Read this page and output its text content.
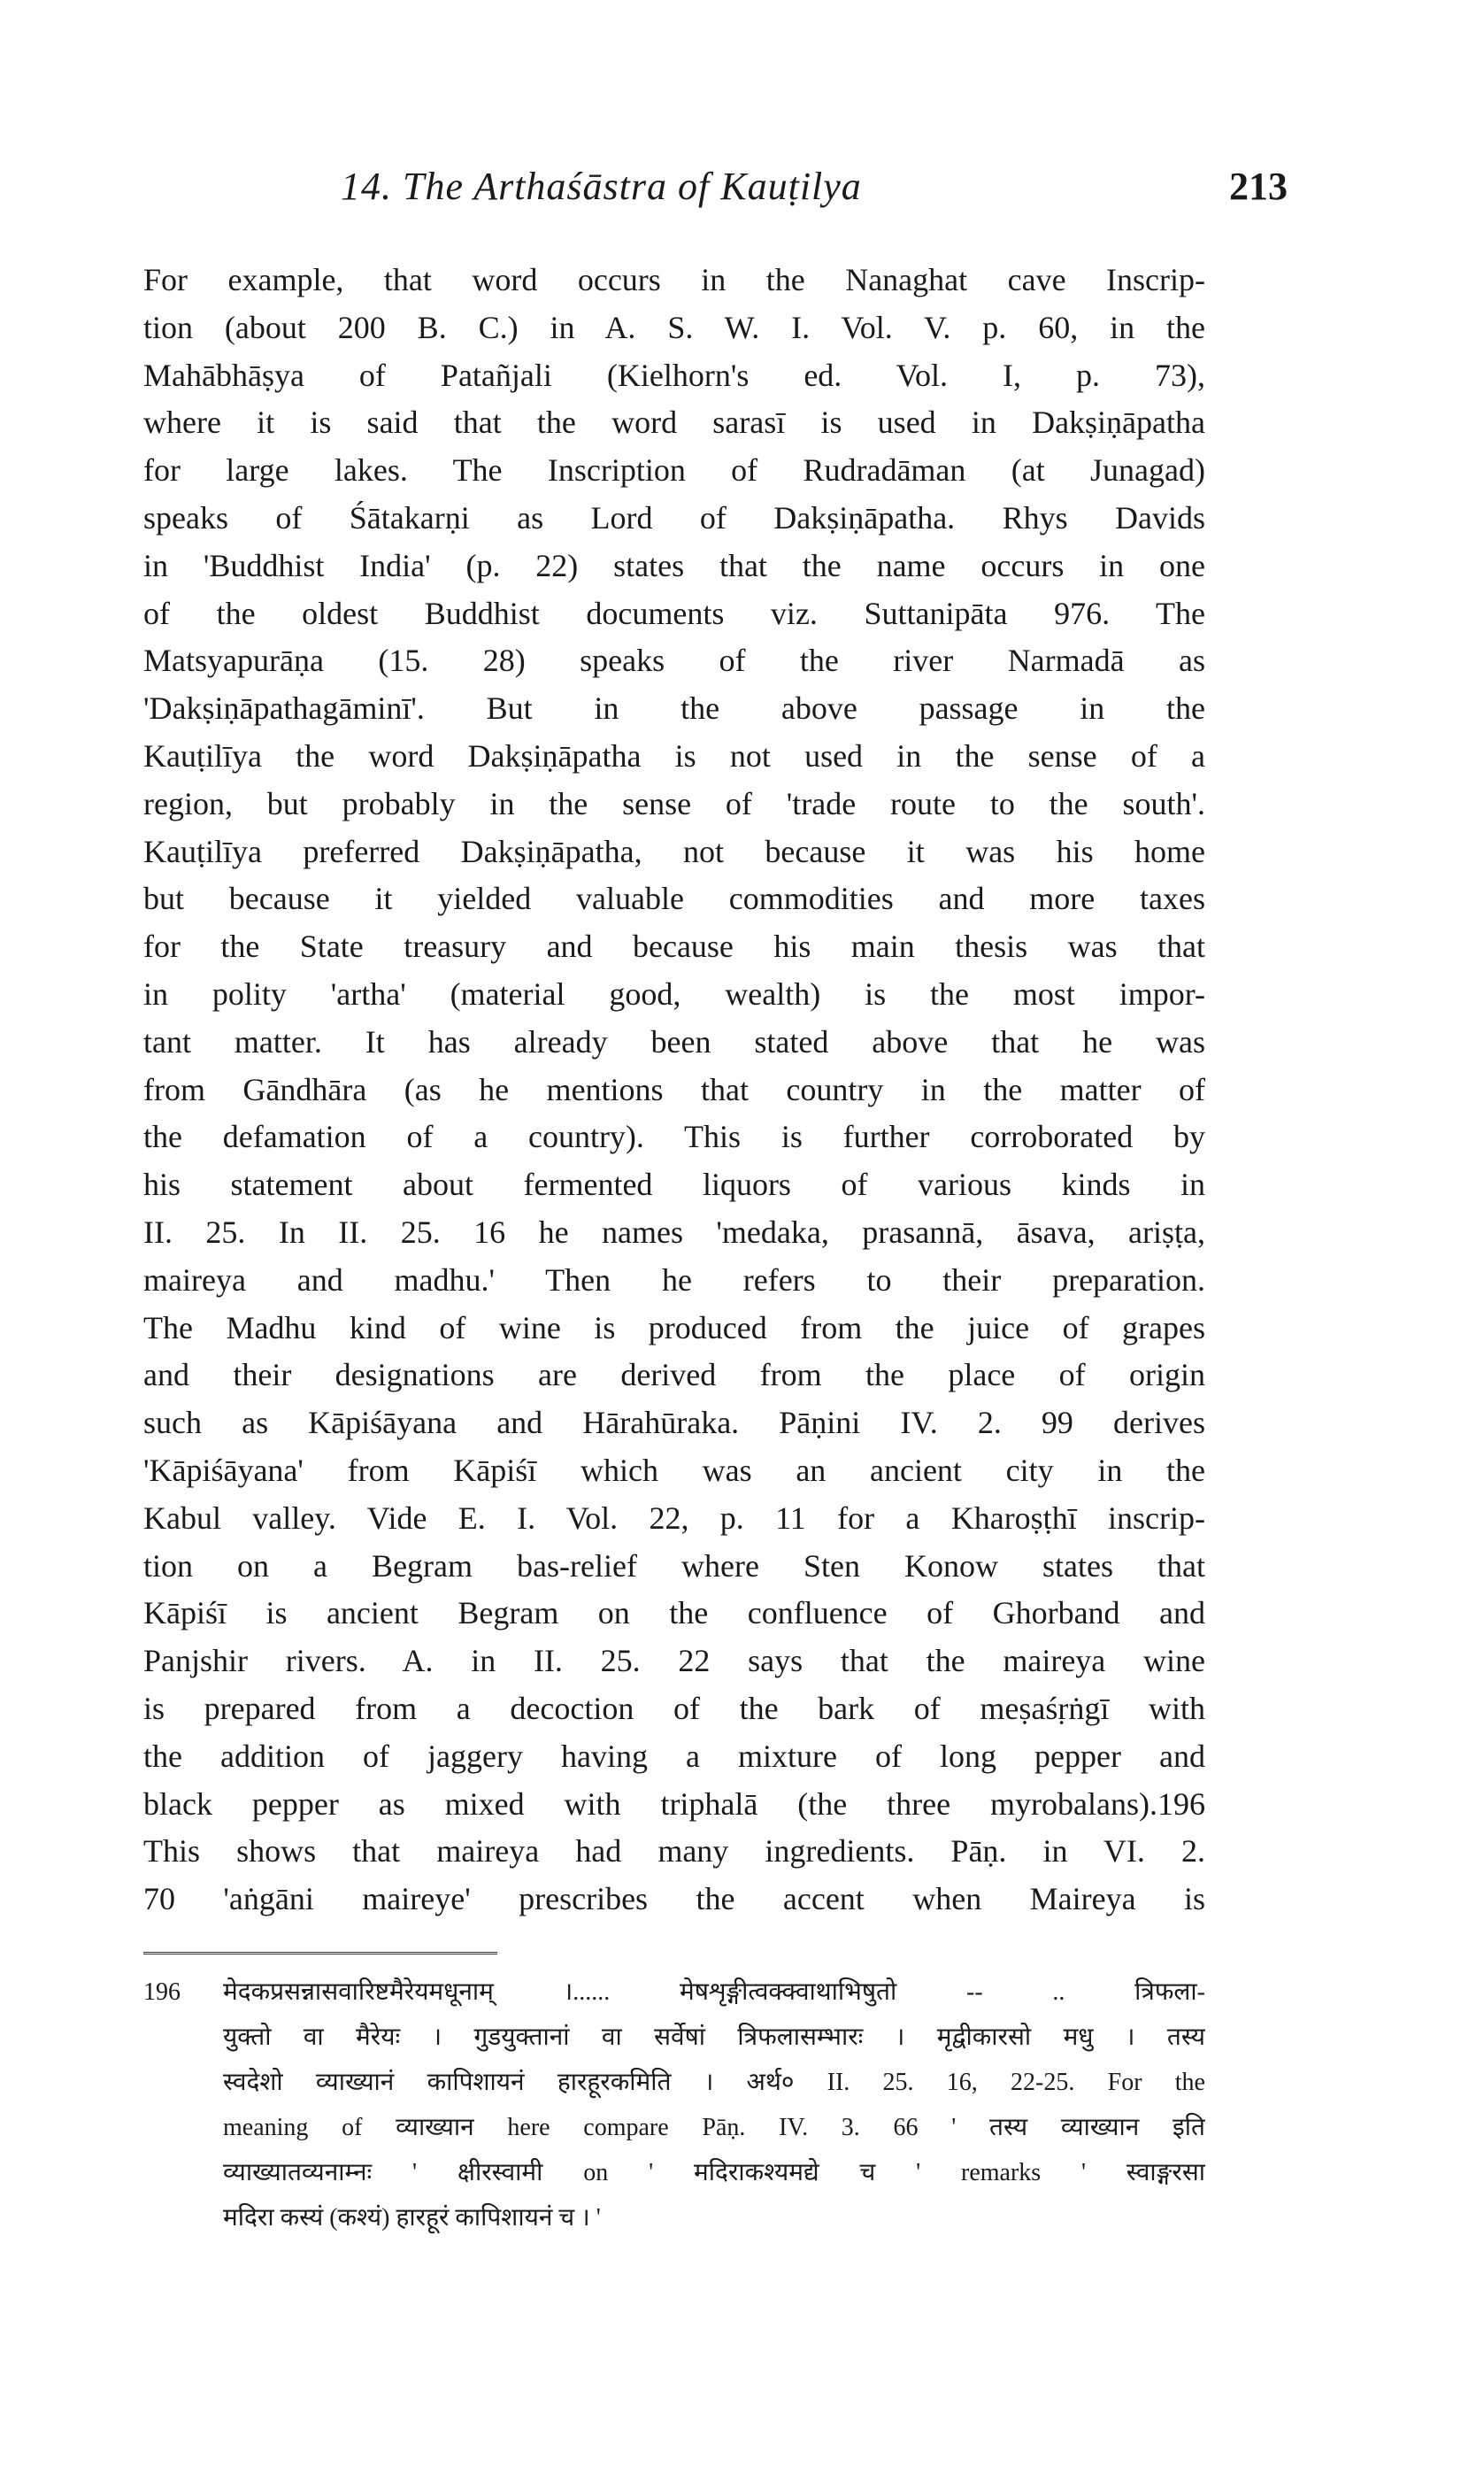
14. The Arthaśāstra of Kauṭilya	213
For example, that word occurs in the Nanaghat cave Inscrip-
tion (about 200 B. C.) in A. S. W. I. Vol. V. p. 60, in the
Mahābhāṣya of Patañjali (Kielhorn's ed. Vol. I, p. 73),
where it is said that the word sarasī is used in Dakṣiṇāpatha
for large lakes. The Inscription of Rudradāman (at Junagad)
speaks of Śātakarṇi as Lord of Dakṣiṇāpatha. Rhys Davids
in 'Buddhist India' (p. 22) states that the name occurs in one
of the oldest Buddhist documents viz. Suttanipāta 976. The
Matsyapurāṇa (15. 28) speaks of the river Narmadā as
'Dakṣiṇāpathagāminī'. But in the above passage in the
Kauṭilīya the word Dakṣiṇāpatha is not used in the sense of a
region, but probably in the sense of 'trade route to the south'.
Kauṭilīya preferred Dakṣiṇāpatha, not because it was his home
but because it yielded valuable commodities and more taxes
for the State treasury and because his main thesis was that
in polity 'artha' (material good, wealth) is the most impor-
tant matter. It has already been stated above that he was
from Gāndhāra (as he mentions that country in the matter of
the defamation of a country). This is further corroborated by
his statement about fermented liquors of various kinds in
II. 25. In II. 25. 16 he names 'medaka, prasannā, āsava, ariṣṭa,
maireya and madhu.' Then he refers to their preparation.
The Madhu kind of wine is produced from the juice of grapes
and their designations are derived from the place of origin
such as Kāpiśāyana and Hārahūraka. Pāṇini IV. 2. 99 derives
'Kāpiśāyana' from Kāpiśī which was an ancient city in the
Kabul valley. Vide E. I. Vol. 22, p. 11 for a Kharoṣṭhī inscrip-
tion on a Begram bas-relief where Sten Konow states that
Kāpiśī is ancient Begram on the confluence of Ghorband and
Panjshir rivers. A. in II. 25. 22 says that the maireya wine
is prepared from a decoction of the bark of meṣaśṛṅgī with
the addition of jaggery having a mixture of long pepper and
black pepper as mixed with triphalā (the three myrobalans).196
This shows that maireya had many ingredients. Pāṇ. in VI. 2.
70 'aṅgāni maireye' prescribes the accent when Maireya is
196 मेदकप्रसन्नासवारिष्टमैरेयमधूनाम् ।...... मेषशृङ्गीत्वक्क्वाथाभिषुतो -- .. त्रिफला-
युक्तो वा मैरेयः । गुडयुक्तानां वा सर्वेषां त्रिफलासम्भारः । मृद्वीकारसो मधु । तस्य
स्वदेशो व्याख्यानं कापिशायनं हारहूरकमिति । अर्थ० II. 25. 16, 22-25. For the
meaning of व्याख्यान here compare Pāṇ. IV. 3. 66 ' तस्य व्याख्यान इति
व्याख्यातव्यनाम्नः ' क्षीरस्वामी on ' मदिराकश्यमद्ये च ' remarks ' स्वाङ्गरसा
मदिरा कस्यं (कश्यं) हारहूरं कापिशायनं च । '
